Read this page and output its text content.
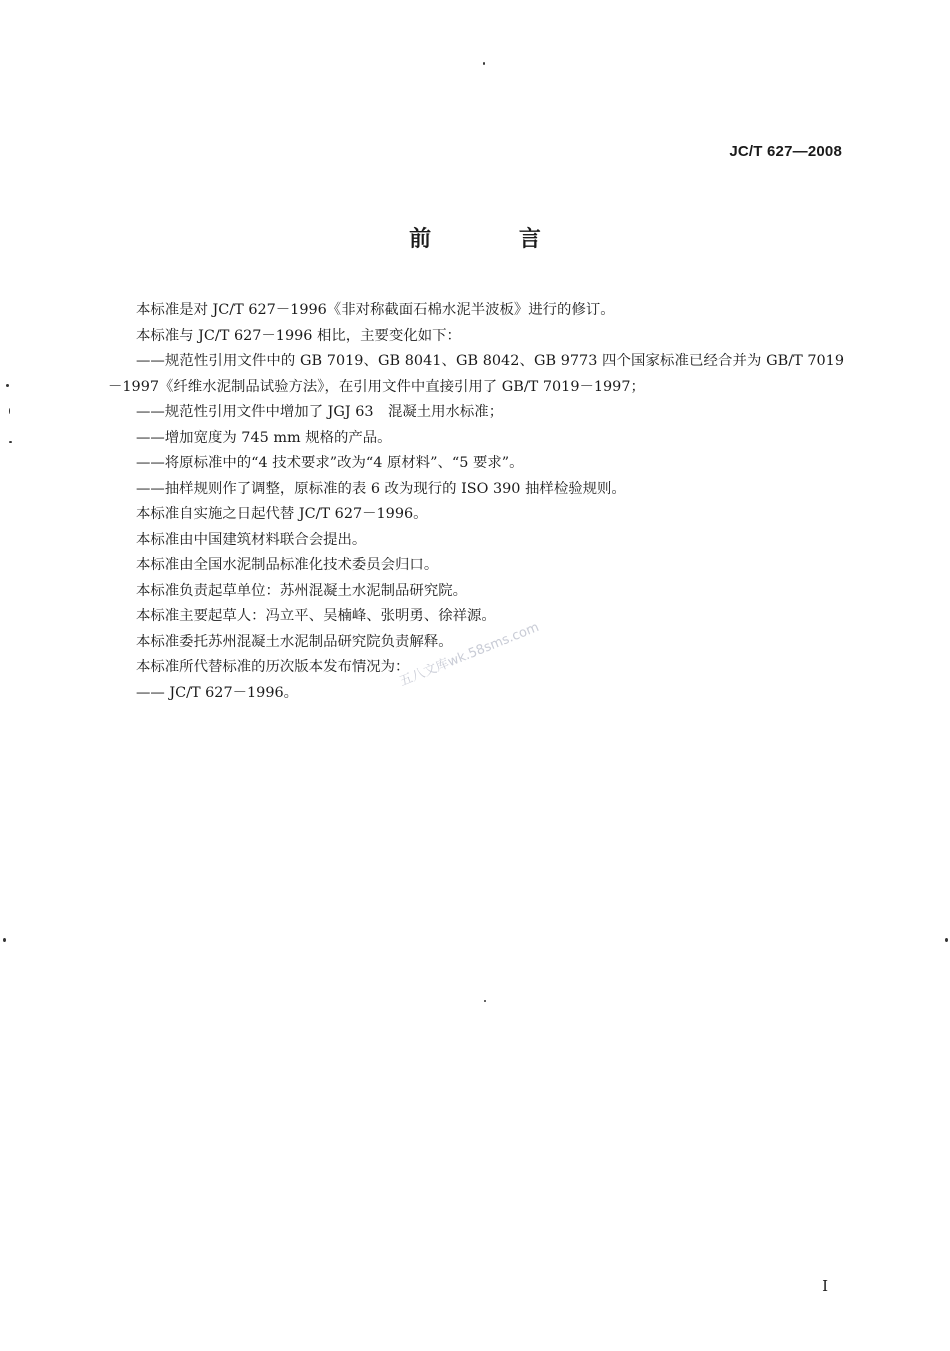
JC/T 627—2008
前 言

本标准是对 JC/T 627－1996《非对称截面石棉水泥半波板》进行的修订。

本标准与 JC/T 627－1996 相比，主要变化如下：

——规范性引用文件中的 GB 7019、GB 8041、GB 8042、GB 9773 四个国家标准已经合并为 GB/T 7019－1997《纤维水泥制品试验方法》，在引用文件中直接引用了 GB/T 7019－1997；

——规范性引用文件中增加了 JGJ 63　混凝土用水标准；

——增加宽度为 745 mm 规格的产品。

——将原标准中的“4 技术要求”改为“4 原材料”、“5 要求”。

——抽样规则作了调整，原标准的表 6 改为现行的 ISO 390 抽样检验规则。

本标准自实施之日起代替 JC/T 627－1996。

本标准由中国建筑材料联合会提出。

本标准由全国水泥制品标准化技术委员会归口。

本标准负责起草单位：苏州混凝土水泥制品研究院。

本标准主要起草人：冯立平、吴楠峰、张明勇、徐祥源。

本标准委托苏州混凝土水泥制品研究院负责解释。

本标准所代替标准的历次版本发布情况为：

—— JC/T 627－1996。

五八文库wk.58sms.com
I
